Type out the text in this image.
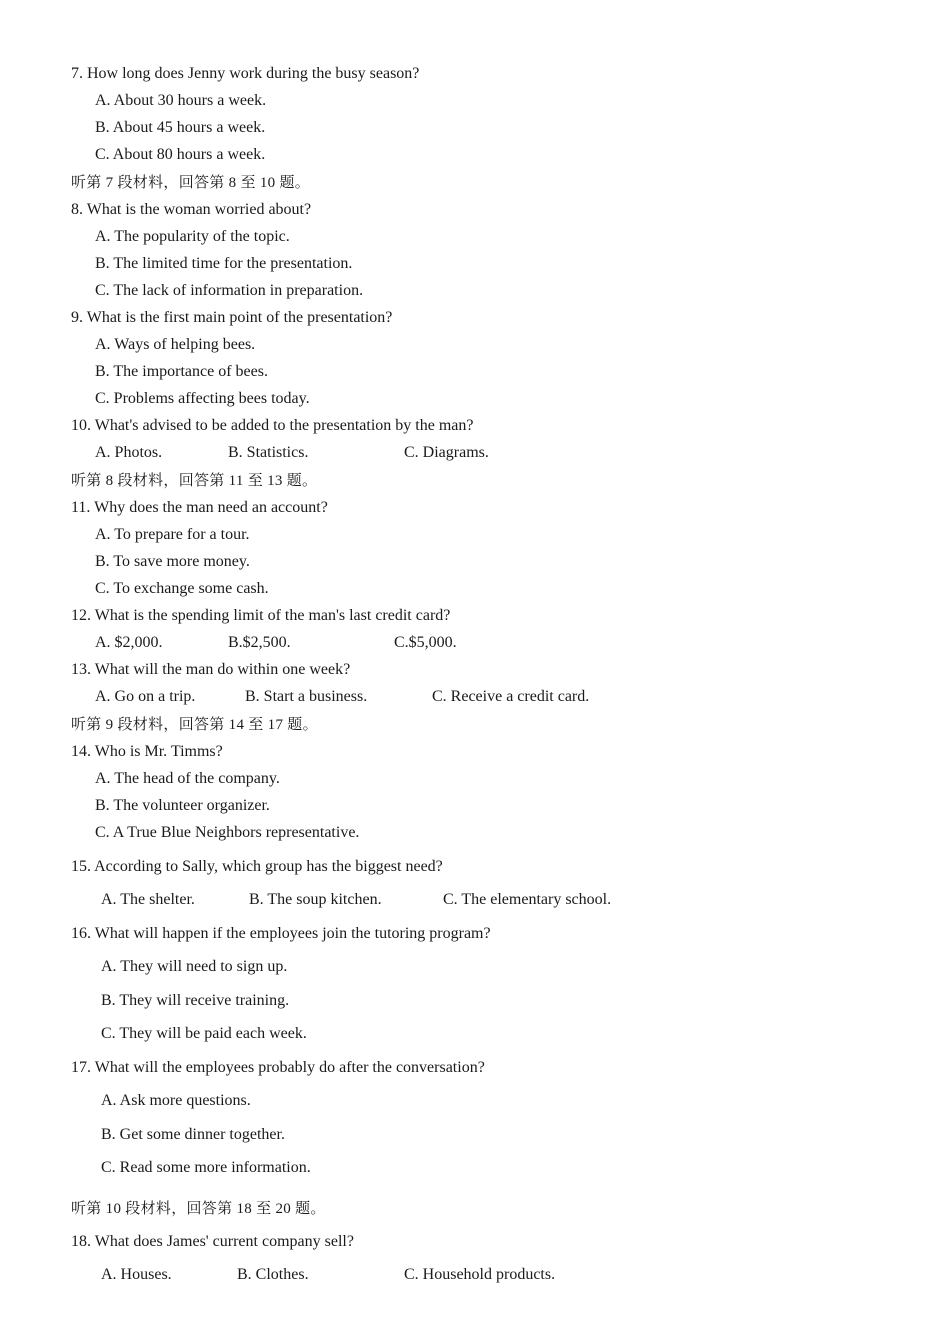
7. How long does Jenny work during the busy season?
A. About 30 hours a week.
B. About 45 hours a week.
C. About 80 hours a week.
听第 7 段材料，回答第 8 至 10 题。
8. What is the woman worried about?
A. The popularity of the topic.
B. The limited time for the presentation.
C. The lack of information in preparation.
9. What is the first main point of the presentation?
A. Ways of helping bees.
B. The importance of bees.
C. Problems affecting bees today.
10. What's advised to be added to the presentation by the man?
A. Photos.	B. Statistics.	C. Diagrams.
听第 8 段材料，回答第 11 至 13 题。
11. Why does the man need an account?
A. To prepare for a tour.
B. To save more money.
C. To exchange some cash.
12. What is the spending limit of the man's last credit card?
A. $2,000.	B.$2,500.	C.$5,000.
13. What will the man do within one week?
A. Go on a trip.	B. Start a business.	C. Receive a credit card.
听第 9 段材料，回答第 14 至 17 题。
14. Who is Mr. Timms?
A. The head of the company.
B. The volunteer organizer.
C. A True Blue Neighbors representative.
15. According to Sally, which group has the biggest need?
A. The shelter.	B. The soup kitchen.	C. The elementary school.
16. What will happen if the employees join the tutoring program?
A. They will need to sign up.
B. They will receive training.
C. They will be paid each week.
17. What will the employees probably do after the conversation?
A. Ask more questions.
B. Get some dinner together.
C. Read some more information.
听第 10 段材料，回答第 18 至 20 题。
18. What does James' current company sell?
A. Houses.	B. Clothes.	C. Household products.
